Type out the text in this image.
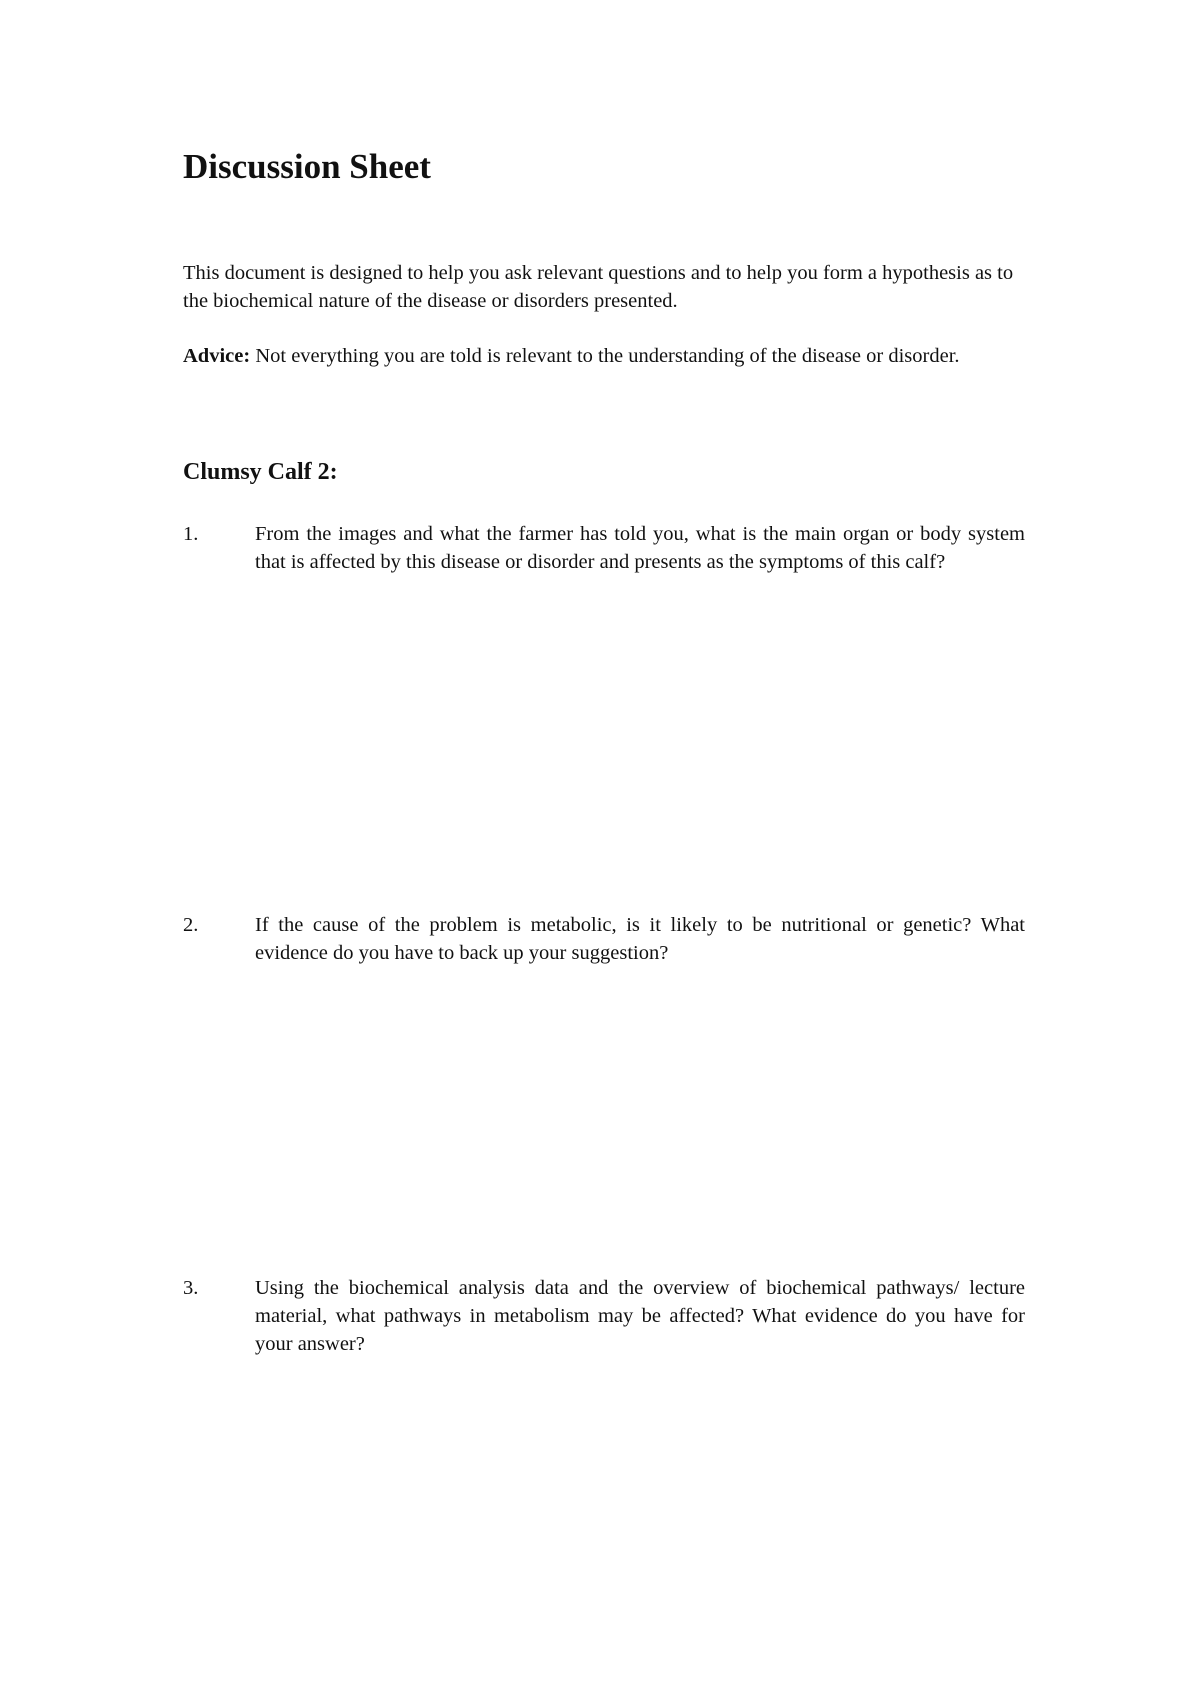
Discussion Sheet

This document is designed to help you ask relevant questions and to help you form a hypothesis as to the biochemical nature of the disease or disorders presented.

Advice: Not everything you are told is relevant to the understanding of the disease or disorder.

Clumsy Calf 2:
1.	From the images and what the farmer has told you, what is the main organ or body system that is affected by this disease or disorder and presents as the symptoms of this calf?
2.	If the cause of the problem is metabolic, is it likely to be nutritional or genetic? What evidence do you have to back up your suggestion?
3.	Using the biochemical analysis data and the overview of biochemical pathways/ lecture material, what pathways in metabolism may be affected? What evidence do you have for your answer?
